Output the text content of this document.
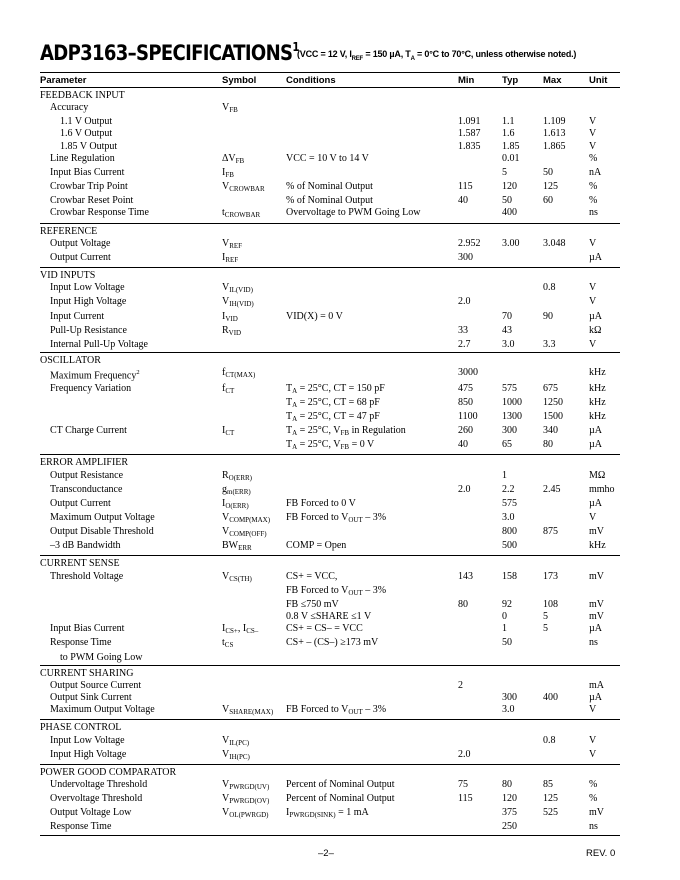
ADP3163–SPECIFICATIONS$^1$
(VCC = 12 V, $I_{REF} = 150$ µA, $T_A = 0^\circ C$ to 70°C, unless otherwise noted.)
Parameter	Symbol	Conditions	Min	Typ	Max	Unit
FEEDBACK INPUT						
Accuracy	$V_{FB}$					
1.1 V Output			1.091	1.1	1.109	V
1.6 V Output			1.587	1.6	1.613	V
1.85 V Output			1.835	1.85	1.865	V
Line Regulation	$\Delta V_{FB}$	VCC = 10 V to 14 V		0.01		%
Input Bias Current	$I_{FB}$			5	50	nA
Crowbar Trip Point	$V_{CROWBAR}$	% of Nominal Output	115	120	125	%
Crowbar Reset Point		% of Nominal Output	40	50	60	%
Crowbar Response Time	$t_{CROWBAR}$	Overvoltage to PWM Going Low		400		ns
REFERENCE						
Output Voltage	$V_{REF}$		2.952	3.00	3.048	V
Output Current	$I_{REF}$		300			µA
VID INPUTS						
Input Low Voltage	$V_{IL(VID)}$				0.8	V
Input High Voltage	$V_{IH(VID)}$		2.0			V
Input Current	$I_{VID}$	VID(X) = 0 V		70	90	µA
Pull-Up Resistance	$R_{VID}$		33	43		kΩ
Internal Pull-Up Voltage			2.7	3.0	3.3	V
OSCILLATOR						
Maximum Frequency$^2$	$f_{CT(MAX)}$		3000			kHz
Frequency Variation	$f_{CT}$	$T_A = 25^\circ C$, CT = 150 pF	475	575	675	kHz
		$T_A = 25^\circ C$, CT = 68 pF	850	1000	1250	kHz
		$T_A = 25^\circ C$, CT = 47 pF	1100	1300	1500	kHz
CT Charge Current	$I_{CT}$	$T_A = 25^\circ C$, $V_{FB}$ in Regulation	260	300	340	µA
		$T_A = 25^\circ C$, $V_{FB} = 0$ V	40	65	80	µA
ERROR AMPLIFIER						
Output Resistance	$R_{O(ERR)}$			1		MΩ
Transconductance	$g_{m(ERR)}$		2.0	2.2	2.45	mmho
Output Current	$I_{O(ERR)}$	FB Forced to 0 V		575		µA
Maximum Output Voltage	$V_{COMP(MAX)}$	FB Forced to $V_{OUT} - 3\%$		3.0		V
Output Disable Threshold	$V_{COMP(OFF)}$			800	875	mV
–3 dB Bandwidth	$BW_{ERR}$	COMP = Open		500		kHz
CURRENT SENSE						
Threshold Voltage	$V_{CS(TH)}$	CS+ = VCC,	143	158	173	mV
		FB Forced to $V_{OUT} - 3\%$				
		FB ≤750 mV	80	92	108	mV
		0.8 V ≤SHARE ≤1 V		0	5	mV
Input Bias Current	$I_{CS+}$, $I_{CS-}$	CS+ = CS– = VCC		1	5	µA
Response Time	$t_{CS}$	CS+ – (CS–) ≥173 mV		50		ns
to PWM Going Low						
CURRENT SHARING						
Output Source Current			2			mA
Output Sink Current				300	400	µA
Maximum Output Voltage	$V_{SHARE(MAX)}$	FB Forced to $V_{OUT} - 3\%$		3.0		V
PHASE CONTROL						
Input Low Voltage	$V_{IL(PC)}$				0.8	V
Input High Voltage	$V_{IH(PC)}$		2.0			V
POWER GOOD COMPARATOR						
Undervoltage Threshold	$V_{PWRGD(UV)}$	Percent of Nominal Output	75	80	85	%
Overvoltage Threshold	$V_{PWRGD(OV)}$	Percent of Nominal Output	115	120	125	%
Output Voltage Low	$V_{OL(PWRGD)}$	$I_{PWRGD(SINK)} = 1$ mA		375	525	mV
Response Time				250		ns
–2–	REV. 0
